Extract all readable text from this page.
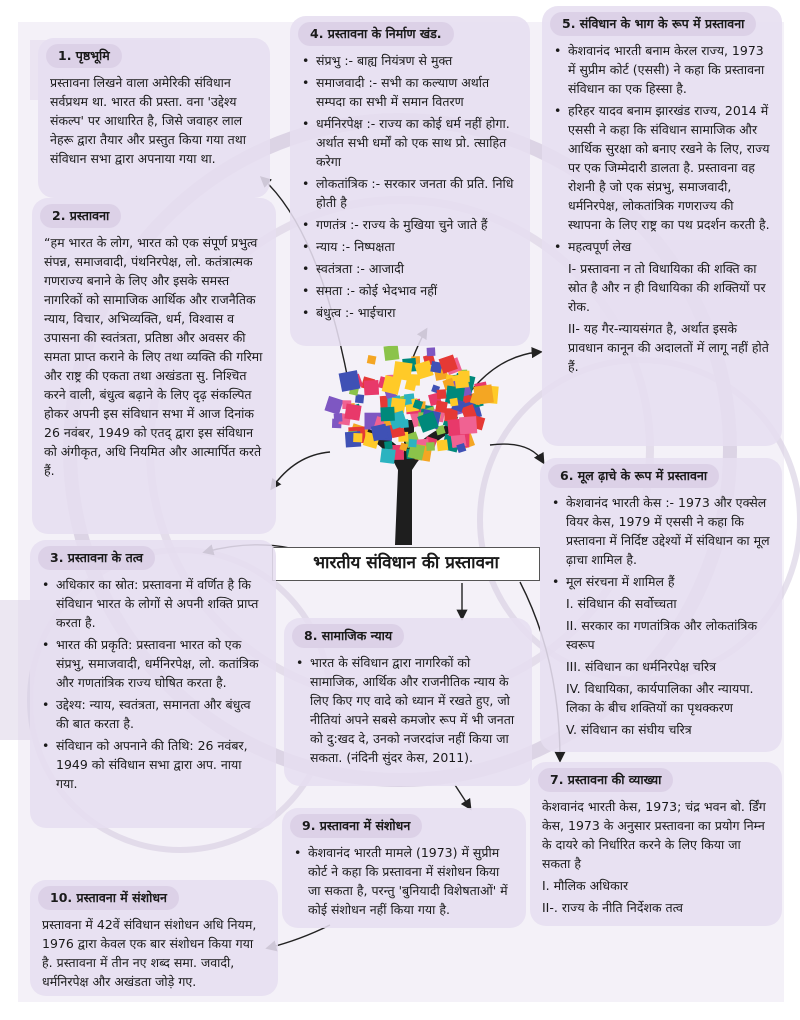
भारतीय संविधान की प्रस्तावना
1. पृष्ठभूमि

प्रस्तावना लिखने वाला अमेरिकी संविधान सर्वप्रथम था. भारत की प्रस्ता. वना 'उद्देश्य संकल्प' पर आधारित है, जिसे जवाहर लाल नेहरू द्वारा तैयार और प्रस्तुत किया गया तथा संविधान सभा द्वारा अपनाया गया था.

2. प्रस्तावना

“हम भारत के लोग, भारत को एक संपूर्ण प्रभुत्व संपन्न, समाजवादी, पंथनिरपेक्ष, लो. कतंत्रात्मक गणराज्य बनाने के लिए और इसके समस्त नागरिकों को सामाजिक आर्थिक और राजनैतिक न्याय, विचार, अभिव्यक्ति, धर्म, विश्वास व उपासना की स्वतंत्रता, प्रतिष्ठा और अवसर की समता प्राप्त कराने के लिए तथा व्यक्ति की गरिमा और राष्ट्र की एकता तथा अखंडता सु. निश्चित करने वाली, बंधुत्व बढ़ाने के लिए दृढ़ संकल्पित होकर अपनी इस संविधान सभा में आज दिनांक 26 नवंबर, 1949 को एतद् द्वारा इस संविधान को अंगीकृत, अधि नियमित और आत्मार्पित करते हैं.

3. प्रस्तावना के तत्व
• अधिकार का स्रोत: प्रस्तावना में वर्णित है कि संविधान भारत के लोगों से अपनी शक्ति प्राप्त करता है.
• भारत की प्रकृति: प्रस्तावना भारत को एक संप्रभु, समाजवादी, धर्मनिरपेक्ष, लो. कतांत्रिक और गणतांत्रिक राज्य घोषित करता है.
• उद्देश्य: न्याय, स्वतंत्रता, समानता और बंधुत्व की बात करता है.
• संविधान को अपनाने की तिथि: 26 नवंबर, 1949 को संविधान सभा द्वारा अप. नाया गया.
4. प्रस्तावना के निर्माण खंड.
• संप्रभु :- बाह्य नियंत्रण से मुक्त
• समाजवादी :- सभी का कल्याण अर्थात सम्पदा का सभी में समान वितरण
• धर्मनिरपेक्ष :- राज्य का कोई धर्म नहीं होगा. अर्थात सभी धर्मों को एक साथ प्रो. त्साहित करेगा
• लोकतांत्रिक :- सरकार जनता की प्रति. निधि होती है
• गणतंत्र :- राज्य के मुखिया चुने जाते हैं
• न्याय :- निष्पक्षता
• स्वतंत्रता :- आजादी
• समता :- कोई भेदभाव नहीं
• बंधुत्व :- भाईचारा
5. संविधान के भाग के रूप में प्रस्तावना
• केशवानंद भारती बनाम केरल राज्य, 1973 में सुप्रीम कोर्ट (एससी) ने कहा कि प्रस्तावना संविधान का एक हिस्सा है.
• हरिहर यादव बनाम झारखंड राज्य, 2014 में एससी ने कहा कि संविधान सामाजिक और आर्थिक सुरक्षा को बनाए रखने के लिए, राज्य पर एक जिम्मेदारी डालता है. प्रस्तावना वह रोशनी है जो एक संप्रभु, समाजवादी, धर्मनिरपेक्ष, लोकतांत्रिक गणराज्य की स्थापना के लिए राष्ट्र का पथ प्रदर्शन करती है.
• महत्वपूर्ण लेख
I- प्रस्तावना न तो विधायिका की शक्ति का स्रोत है और न ही विधायिका की शक्तियों पर रोक.
II- यह गैर-न्यायसंगत है, अर्थात इसके प्रावधान कानून की अदालतों में लागू नहीं होते हैं.
6. मूल ढ़ाचे के रूप में प्रस्तावना
• केशवानंद भारती केस :- 1973 और एक्सेल वियर केस, 1979 में एससी ने कहा कि प्रस्तावना में निर्दिष्ट उद्देश्यों में संविधान का मूल ढ़ाचा शामिल है.
• मूल संरचना में शामिल हैं
I. संविधान की सर्वोच्चता
II. सरकार का गणतांत्रिक और लोकतांत्रिक स्वरूप
III. संविधान का धर्मनिरपेक्ष चरित्र
IV. विधायिका, कार्यपालिका और न्यायपा. लिका के बीच शक्तियों का पृथक्करण
V. संविधान का संघीय चरित्र
7. प्रस्तावना की व्याख्या

केशवानंद भारती केस, 1973; चंद्र भवन बो. र्डिंग केस, 1973 के अनुसार प्रस्तावना का प्रयोग निम्न के दायरे को निर्धारित करने के लिए किया जा सकता है

I. मौलिक अधिकार

II-. राज्य के नीति निर्देशक तत्व

8. सामाजिक न्याय
• भारत के संविधान द्वारा नागरिकों को सामाजिक, आर्थिक और राजनीतिक न्याय के लिए किए गए वादे को ध्यान में रखते हुए, जो नीतियां अपने सबसे कमजोर रूप में भी जनता को दु:खद दे, उनको नजरदांज नहीं किया जा सकता. (नंदिनी सुंदर केस, 2011).
9. प्रस्तावना में संशोधन
• केशवानंद भारती मामले (1973) में सुप्रीम कोर्ट ने कहा कि प्रस्तावना में संशोधन किया जा सकता है, परन्तु 'बुनियादी विशेषताओं' में कोई संशोधन नहीं किया गया है.
10. प्रस्तावना में संशोधन

प्रस्तावना में 42वें संविधान संशोधन अधि नियम, 1976 द्वारा केवल एक बार संशोधन किया गया है. प्रस्तावना में तीन नए शब्द समा. जवादी, धर्मनिरपेक्ष और अखंडता जोड़े गए.
